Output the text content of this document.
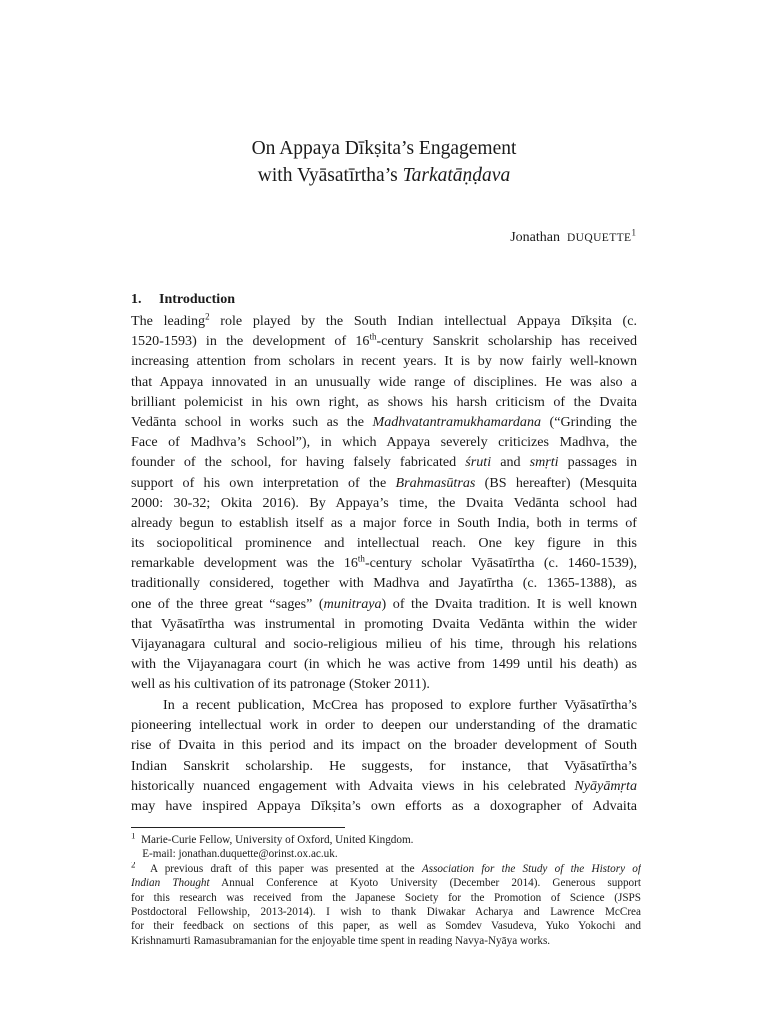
On Appaya Dīkṣita’s Engagement
with Vyāsatīrtha’s Tarkatāṇḍava
Jonathan DUQUETTE$^1$
1. Introduction
The leading$^2$ role played by the South Indian intellectual Appaya Dīkṣita (c.
1520-1593) in the development of 16th-century Sanskrit scholarship has received
increasing attention from scholars in recent years. It is by now fairly well-known
that Appaya innovated in an unusually wide range of disciplines. He was also a
brilliant polemicist in his own right, as shows his harsh criticism of the Dvaita
Vedānta school in works such as the Madhvatantramukhamardana (“Grinding the
Face of Madhva’s School”), in which Appaya severely criticizes Madhva, the
founder of the school, for having falsely fabricated śruti and smṛti passages in
support of his own interpretation of the Brahmasūtras (BS hereafter) (Mesquita
2000: 30-32; Okita 2016). By Appaya’s time, the Dvaita Vedānta school had
already begun to establish itself as a major force in South India, both in terms of
its sociopolitical prominence and intellectual reach. One key figure in this
remarkable development was the 16th-century scholar Vyāsatīrtha (c. 1460-1539),
traditionally considered, together with Madhva and Jayatīrtha (c. 1365-1388), as
one of the three great “sages” (munitraya) of the Dvaita tradition. It is well known
that Vyāsatīrtha was instrumental in promoting Dvaita Vedānta within the wider
Vijayanagara cultural and socio-religious milieu of his time, through his relations
with the Vijayanagara court (in which he was active from 1499 until his death) as
well as his cultivation of its patronage (Stoker 2011).
In a recent publication, McCrea has proposed to explore further Vyāsatīrtha’s
pioneering intellectual work in order to deepen our understanding of the dramatic
rise of Dvaita in this period and its impact on the broader development of South
Indian Sanskrit scholarship. He suggests, for instance, that Vyāsatīrtha’s
historically nuanced engagement with Advaita views in his celebrated Nyāyāmṛta
may have inspired Appaya Dīkṣita’s own efforts as a doxographer of Advaita
$^1$  Marie-Curie Fellow, University of Oxford, United Kingdom.
E-mail: jonathan.duquette@orinst.ox.ac.uk.
$^2$  A previous draft of this paper was presented at the Association for the Study of the History of
Indian Thought Annual Conference at Kyoto University (December 2014). Generous support
for this research was received from the Japanese Society for the Promotion of Science (JSPS
Postdoctoral Fellowship, 2013-2014). I wish to thank Diwakar Acharya and Lawrence McCrea
for their feedback on sections of this paper, as well as Somdev Vasudeva, Yuko Yokochi and
Krishnamurti Ramasubramanian for the enjoyable time spent in reading Navya-Nyāya works.
